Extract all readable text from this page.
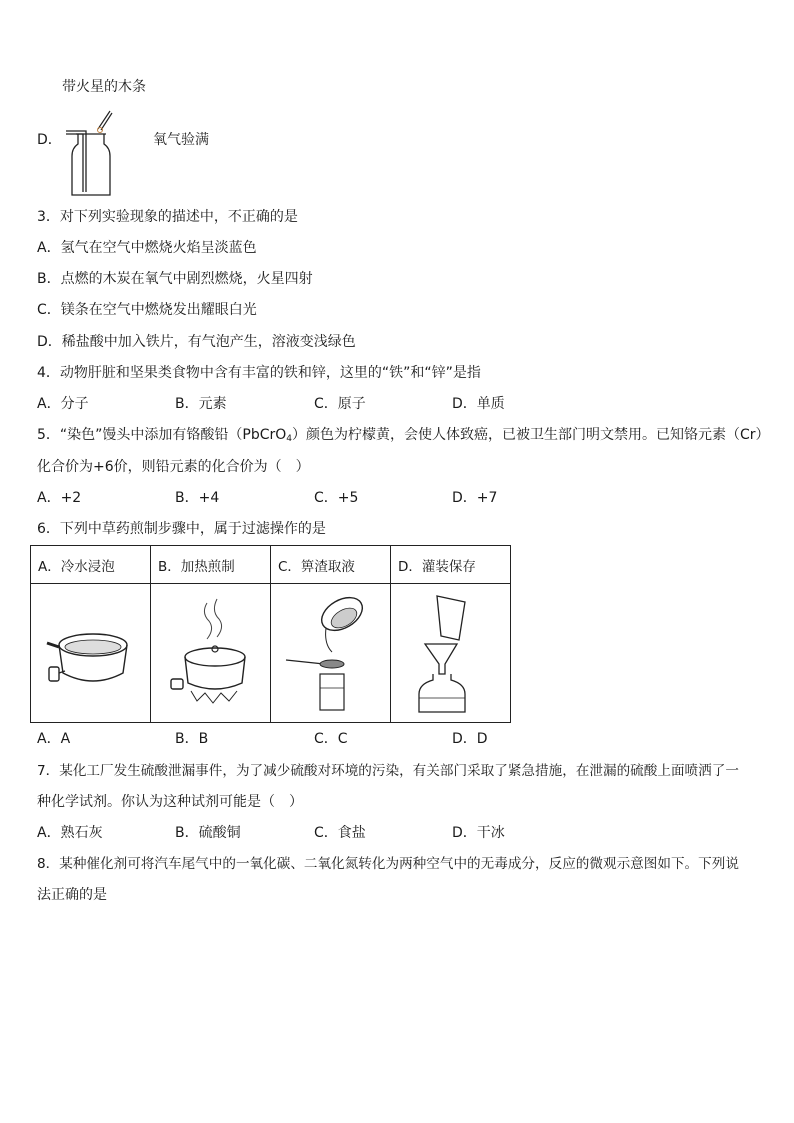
带火星的木条
D．	氧气验满
3．对下列实验现象的描述中，不正确的是
A．氢气在空气中燃烧火焰呈淡蓝色
B．点燃的木炭在氧气中剧烈燃烧，火星四射
C．镁条在空气中燃烧发出耀眼白光
D．稀盐酸中加入铁片，有气泡产生，溶液变浅绿色
4．动物肝脏和坚果类食物中含有丰富的铁和锌，这里的“铁”和“锌”是指
A．分子	B．元素	C．原子	D．单质
5．“染色”馒头中添加有铬酸铅（PbCrO$_4$）颜色为柠檬黄，会使人体致癌，已被卫生部门明文禁用。已知铬元素（Cr）
化合价为+6价，则铅元素的化合价为（　）
A．+2	B．+4	C．+5	D．+7
6．下列中草药煎制步骤中，属于过滤操作的是
A．冷水浸泡	B．加热煎制	C．箅渣取液	D．灌装保存

A．A	B．B	C．C	D．D
7．某化工厂发生硫酸泄漏事件，为了减少硫酸对环境的污染，有关部门采取了紧急措施，在泄漏的硫酸上面喷洒了一
种化学试剂。你认为这种试剂可能是（　）
A．熟石灰	B．硫酸铜	C．食盐	D．干冰
8．某种催化剂可将汽车尾气中的一氧化碳、二氧化氮转化为两种空气中的无毒成分，反应的微观示意图如下。下列说
法正确的是
